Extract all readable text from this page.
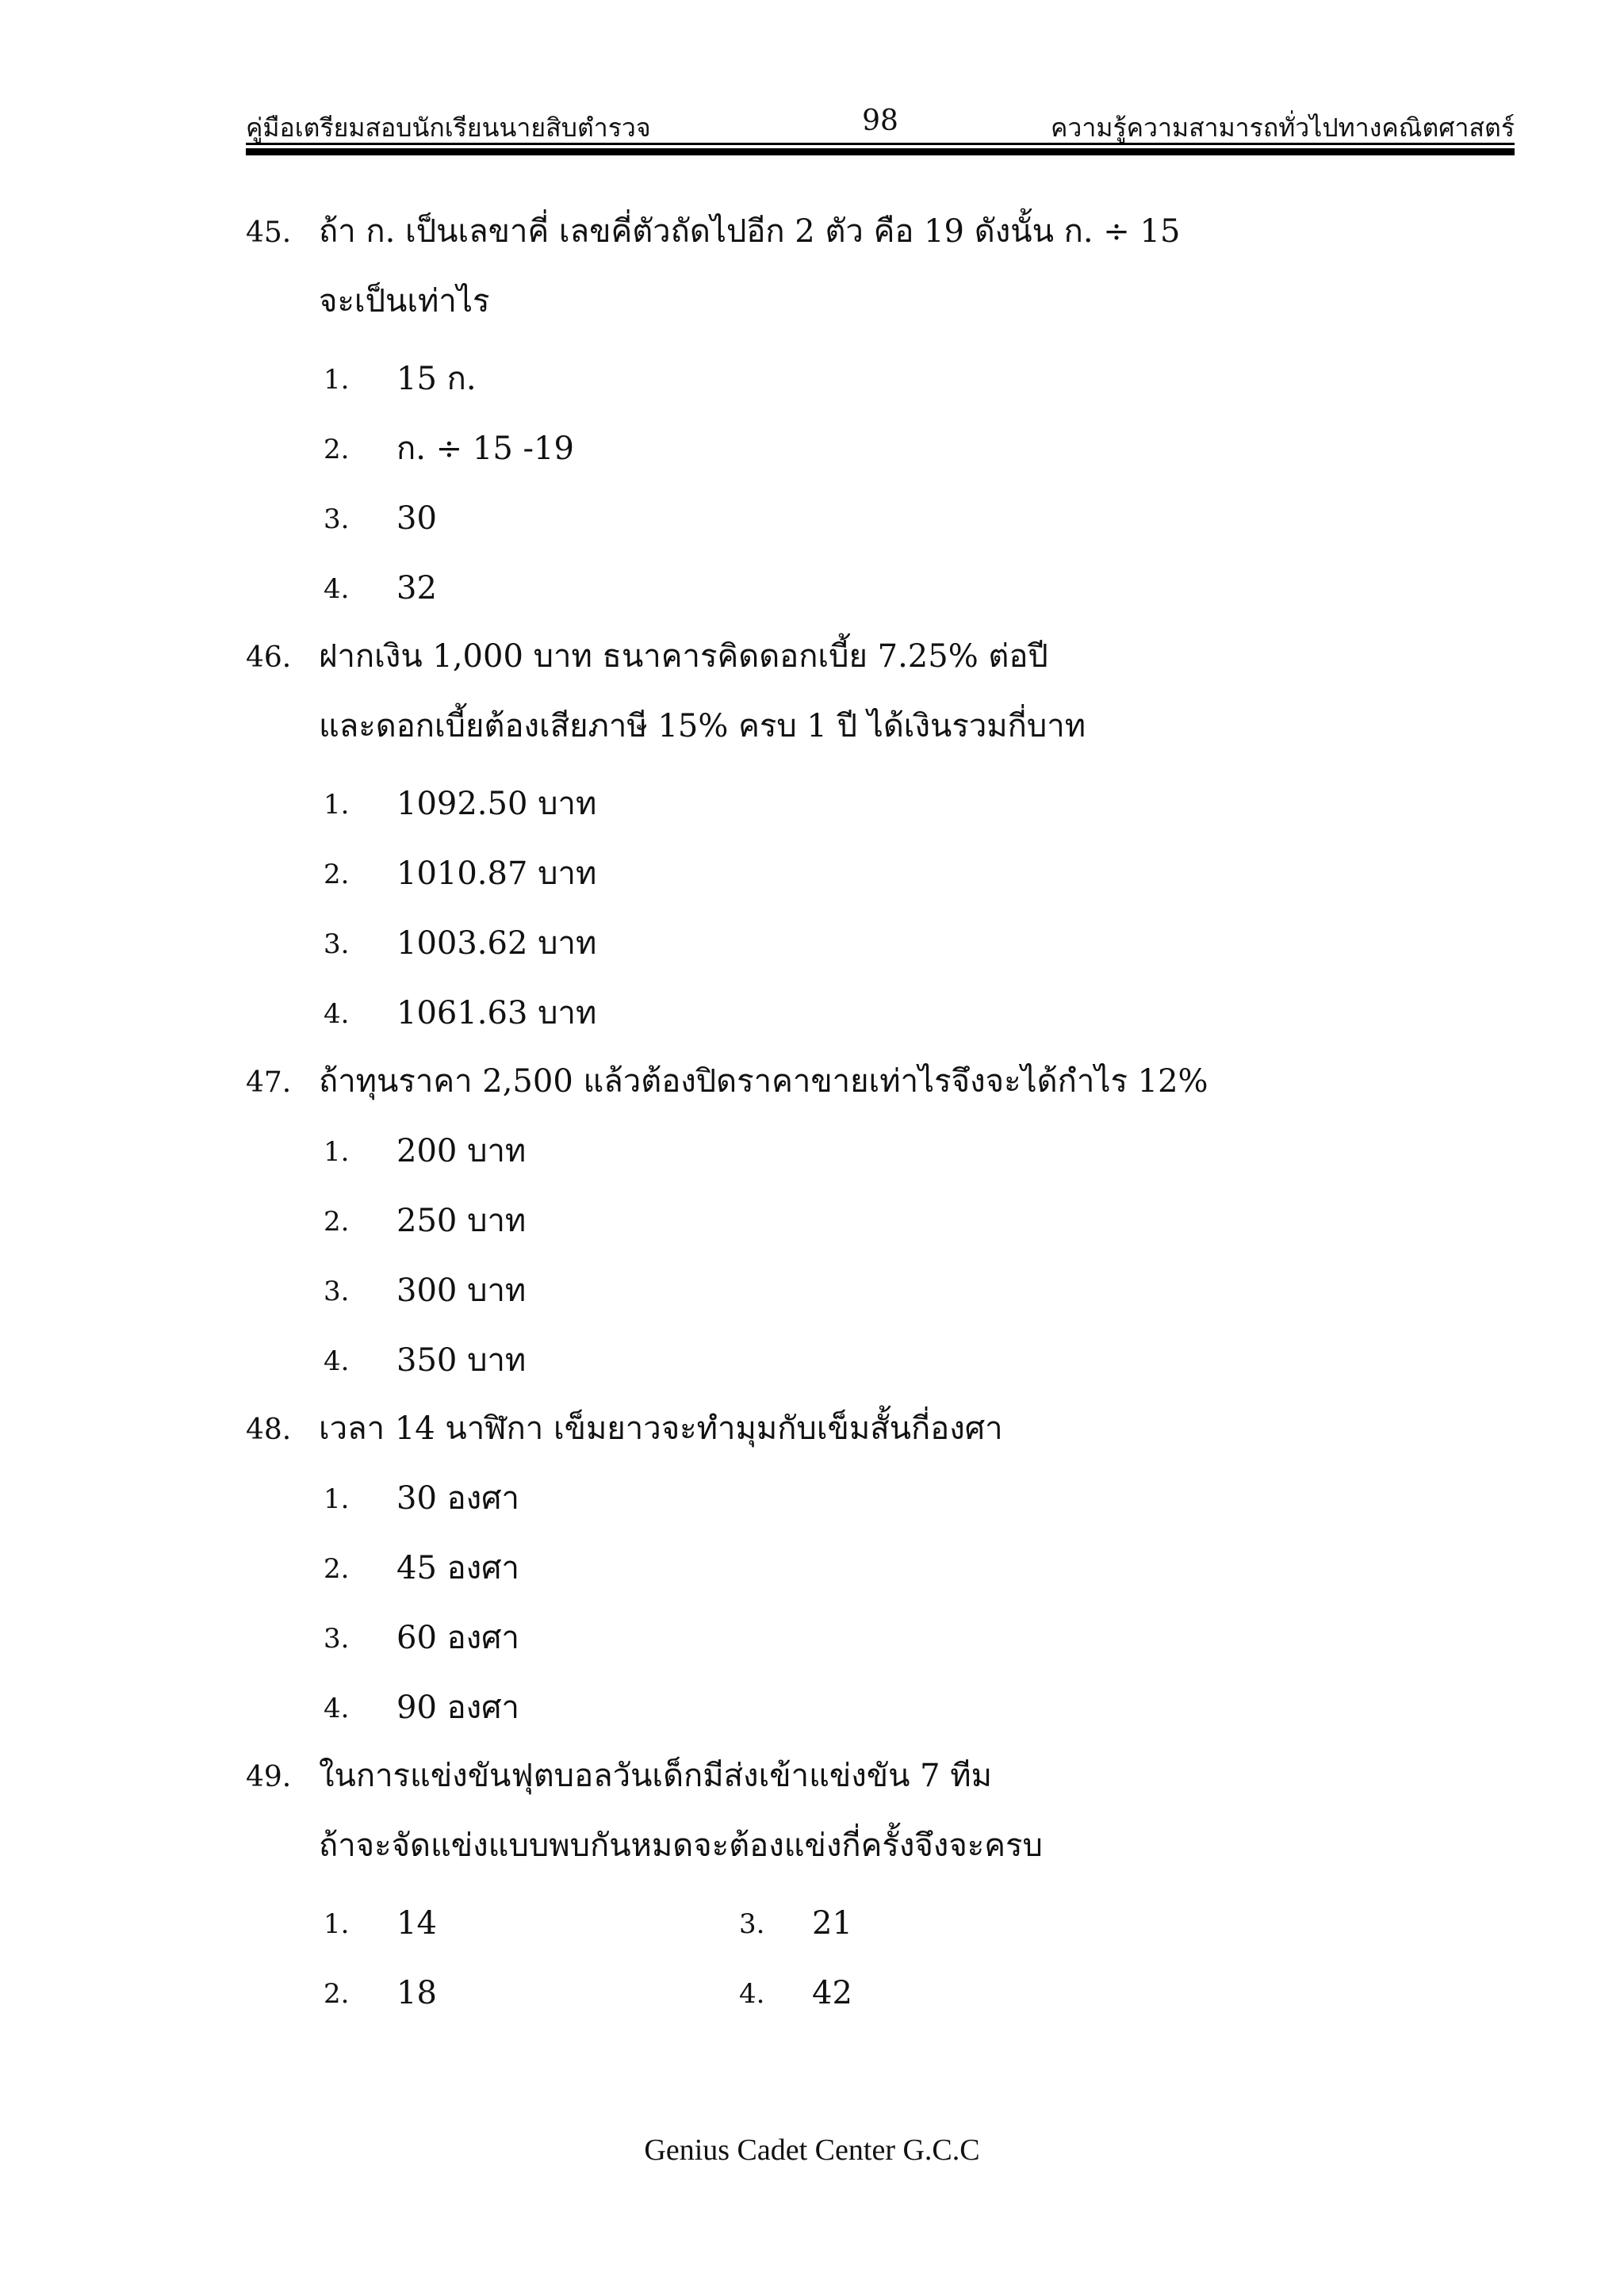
คู่มือเตรียมสอบนักเรียนนายสิบตำรวจ	98	ความรู้ความสามารถทั่วไปทางคณิตศาสตร์
45. ถ้า ก. เป็นเลขาคี่ เลขคี่ตัวถัดไปอีก 2 ตัว คือ 19 ดังนั้น ก. ÷ 15
จะเป็นเท่าไร
1. 15 ก.
2. ก. ÷ 15 -19
3. 30
4. 32
46. ฝากเงิน 1,000 บาท ธนาคารคิดดอกเบี้ย 7.25% ต่อปี
และดอกเบี้ยต้องเสียภาษี 15% ครบ 1 ปี ได้เงินรวมกี่บาท
1. 1092.50 บาท
2. 1010.87 บาท
3. 1003.62 บาท
4. 1061.63 บาท
47. ถ้าทุนราคา 2,500 แล้วต้องปิดราคาขายเท่าไรจึงจะได้กำไร 12%
1. 200 บาท
2. 250 บาท
3. 300 บาท
4. 350 บาท
48. เวลา 14 นาฬิกา เข็มยาวจะทำมุมกับเข็มสั้นกี่องศา
1. 30 องศา
2. 45 องศา
3. 60 องศา
4. 90 องศา
49. ในการแข่งขันฟุตบอลวันเด็กมีส่งเข้าแข่งขัน 7 ทีม
ถ้าจะจัดแข่งแบบพบกันหมดจะต้องแข่งกี่ครั้งจึงจะครบ
1. 14
2. 18
3. 21
4. 42
Genius Cadet Center G.C.C
